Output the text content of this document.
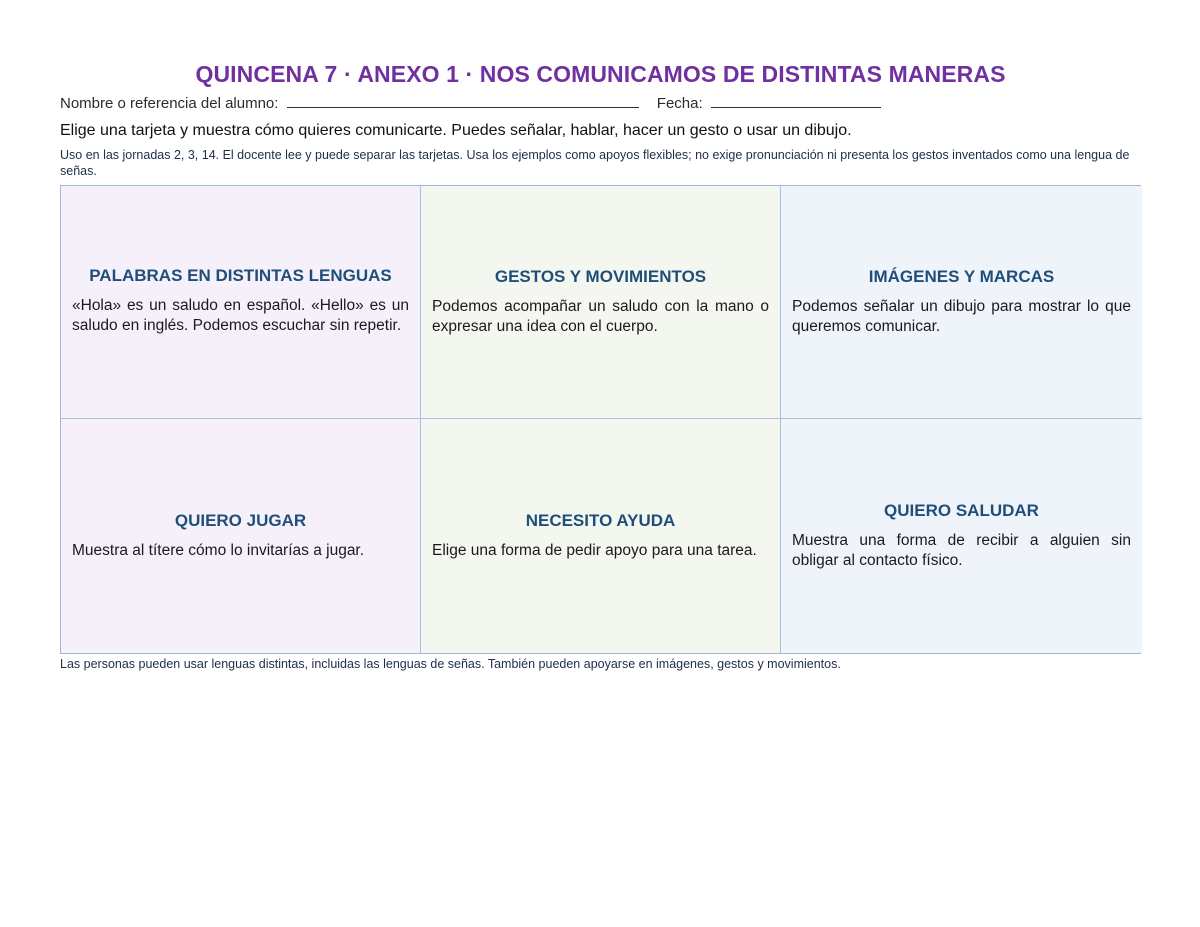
QUINCENA 7 · ANEXO 1 · NOS COMUNICAMOS DE DISTINTAS MANERAS
Nombre o referencia del alumno:	Fecha:
Elige una tarjeta y muestra cómo quieres comunicarte. Puedes señalar, hablar, hacer un gesto o usar un dibujo.
Uso en las jornadas 2, 3, 14. El docente lee y puede separar las tarjetas. Usa los ejemplos como apoyos flexibles; no exige pronunciación ni presenta los gestos inventados como una lengua de señas.
PALABRAS EN DISTINTAS LENGUAS
«Hola» es un saludo en español. «Hello» es un saludo en inglés. Podemos escuchar sin repetir.
GESTOS Y MOVIMIENTOS
Podemos acompañar un saludo con la mano o expresar una idea con el cuerpo.
IMÁGENES Y MARCAS
Podemos señalar un dibujo para mostrar lo que queremos comunicar.
QUIERO JUGAR
Muestra al títere cómo lo invitarías a jugar.
NECESITO AYUDA
Elige una forma de pedir apoyo para una tarea.
QUIERO SALUDAR
Muestra una forma de recibir a alguien sin obligar al contacto físico.
Las personas pueden usar lenguas distintas, incluidas las lenguas de señas. También pueden apoyarse en imágenes, gestos y movimientos.
